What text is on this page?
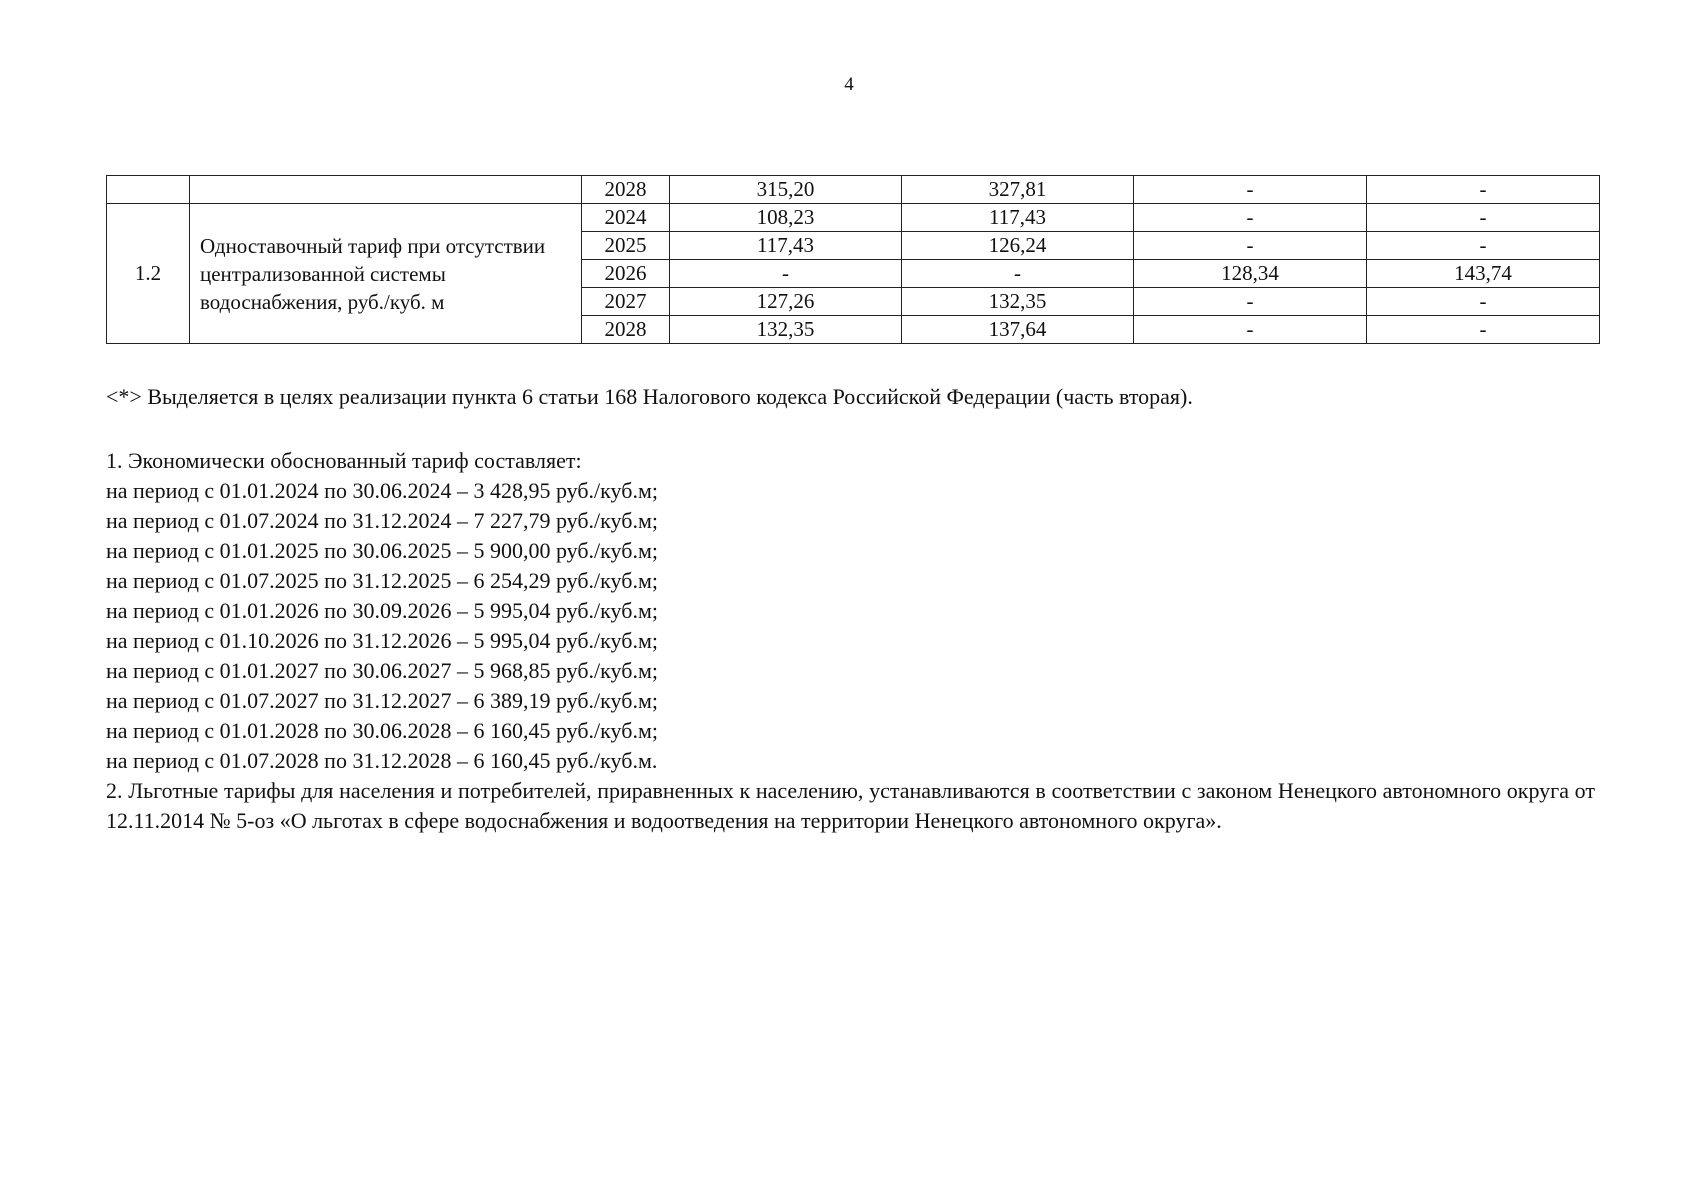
4
		2028	315,20	327,81	-	-
1.2	Одноставочный тариф при отсутствии централизованной системы водоснабжения, руб./куб. м	2024	108,23	117,43	-	-
		2025	117,43	126,24	-	-
		2026	-	-	128,34	143,74
		2027	127,26	132,35	-	-
		2028	132,35	137,64	-	-
<*> Выделяется в целях реализации пункта 6 статьи 168 Налогового кодекса Российской Федерации (часть вторая).
1. Экономически обоснованный тариф составляет:
на период с 01.01.2024 по 30.06.2024 – 3 428,95 руб./куб.м;
на период с 01.07.2024 по 31.12.2024 – 7 227,79 руб./куб.м;
на период с 01.01.2025 по 30.06.2025 – 5 900,00 руб./куб.м;
на период с 01.07.2025 по 31.12.2025 – 6 254,29 руб./куб.м;
на период с 01.01.2026 по 30.09.2026 – 5 995,04 руб./куб.м;
на период с 01.10.2026 по 31.12.2026 – 5 995,04 руб./куб.м;
на период с 01.01.2027 по 30.06.2027 – 5 968,85 руб./куб.м;
на период с 01.07.2027 по 31.12.2027 – 6 389,19 руб./куб.м;
на период с 01.01.2028 по 30.06.2028 – 6 160,45 руб./куб.м;
на период с 01.07.2028 по 31.12.2028 – 6 160,45 руб./куб.м.
2. Льготные тарифы для населения и потребителей, приравненных к населению, устанавливаются в соответствии с законом Ненецкого автономного округа от 12.11.2014 № 5-оз «О льготах в сфере водоснабжения и водоотведения на территории Ненецкого автономного округа».
